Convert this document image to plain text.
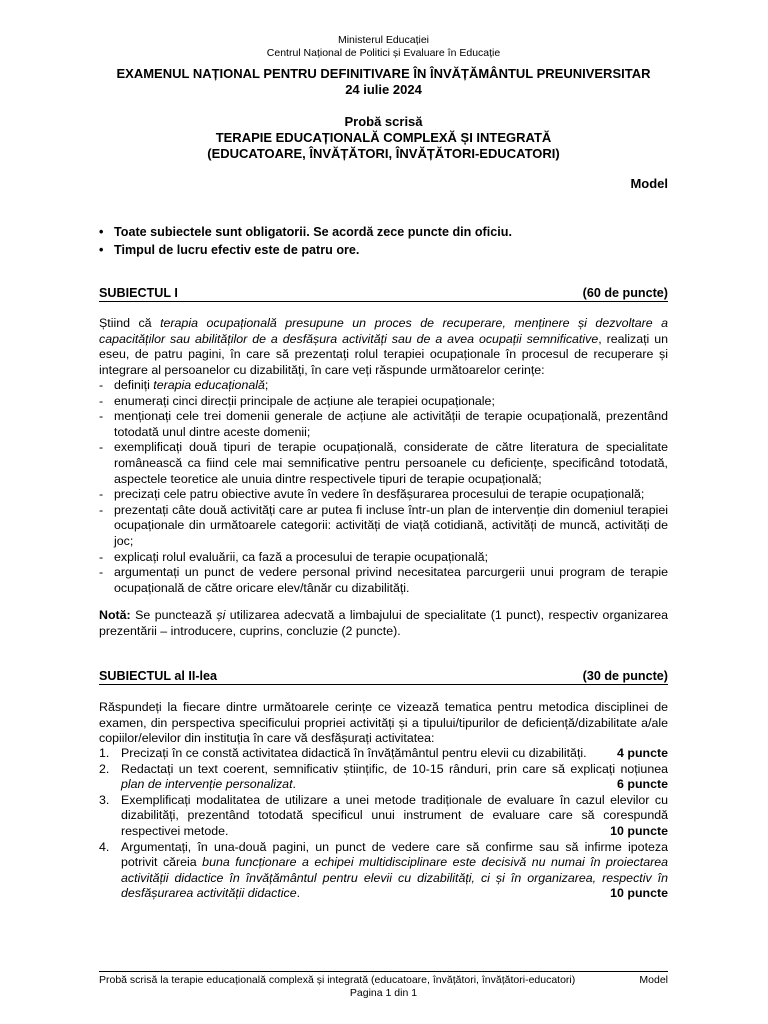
Ministerul Educației
Centrul Național de Politici și Evaluare în Educație
EXAMENUL NAȚIONAL PENTRU DEFINITIVARE ÎN ÎNVĂȚĂMÂNTUL PREUNIVERSITAR
24 iulie 2024
Probă scrisă
TERAPIE EDUCAȚIONALĂ COMPLEXĂ ȘI INTEGRATĂ
(EDUCATOARE, ÎNVĂȚĂTORI, ÎNVĂȚĂTORI-EDUCATORI)
Model
• Toate subiectele sunt obligatorii. Se acordă zece puncte din oficiu.
• Timpul de lucru efectiv este de patru ore.
SUBIECTUL I	(60 de puncte)

Știind că terapia ocupațională presupune un proces de recuperare, menținere și dezvoltare a capacităților sau abilităților de a desfășura activități sau de a avea ocupații semnificative, realizați un eseu, de patru pagini, în care să prezentați rolul terapiei ocupaționale în procesul de recuperare și integrare al persoanelor cu dizabilități, în care veți răspunde următoarelor cerințe:

- definiți terapia educațională;
- enumerați cinci direcții principale de acțiune ale terapiei ocupaționale;
- menționați cele trei domenii generale de acțiune ale activității de terapie ocupațională, prezentând totodată unul dintre aceste domenii;
- exemplificați două tipuri de terapie ocupațională, considerate de către literatura de specialitate românească ca fiind cele mai semnificative pentru persoanele cu deficiențe, specificând totodată, aspectele teoretice ale unuia dintre respectivele tipuri de terapie ocupațională;
- precizați cele patru obiective avute în vedere în desfășurarea procesului de terapie ocupațională;
- prezentați câte două activități care ar putea fi incluse într-un plan de intervenție din domeniul terapiei ocupaționale din următoarele categorii: activități de viață cotidiană, activități de muncă, activități de joc;
- explicați rolul evaluării, ca fază a procesului de terapie ocupațională;
- argumentați un punct de vedere personal privind necesitatea parcurgerii unui program de terapie ocupațională de către oricare elev/tânăr cu dizabilități.

Notă: Se punctează și utilizarea adecvată a limbajului de specialitate (1 punct), respectiv organizarea prezentării – introducere, cuprins, concluzie (2 puncte).

SUBIECTUL al II-lea	(30 de puncte)

Răspundeți la fiecare dintre următoarele cerințe ce vizează tematica pentru metodica disciplinei de examen, din perspectiva specificului propriei activități și a tipului/tipurilor de deficiență/dizabilitate a/ale copiilor/elevilor din instituția în care vă desfășurați activitatea:

1.	4 puncte
Precizați în ce constă activitatea didactică în învățământul pentru elevii cu dizabilități.
2. Redactați un text coerent, semnificativ științific, de 10-15 rânduri, prin care să explicați noțiunea plan de intervenție personalizat.	6 puncte
3. Exemplificați modalitatea de utilizare a unei metode tradiționale de evaluare în cazul elevilor cu dizabilități, prezentând totodată specificul unui instrument de evaluare care să corespundă respectivei metode.	10 puncte
4. Argumentați, în una-două pagini, un punct de vedere care să confirme sau să infirme ipoteza potrivit căreia buna funcționare a echipei multidisciplinare este decisivă nu numai în proiectarea activității didactice în învățământul pentru elevii cu dizabilități, ci și în organizarea, respectiv în desfășurarea activității didactice.	10 puncte
Probă scrisă la terapie educațională complexă și integrată (educatoare, învățători, învățători-educatori)	Model
Pagina 1 din 1
